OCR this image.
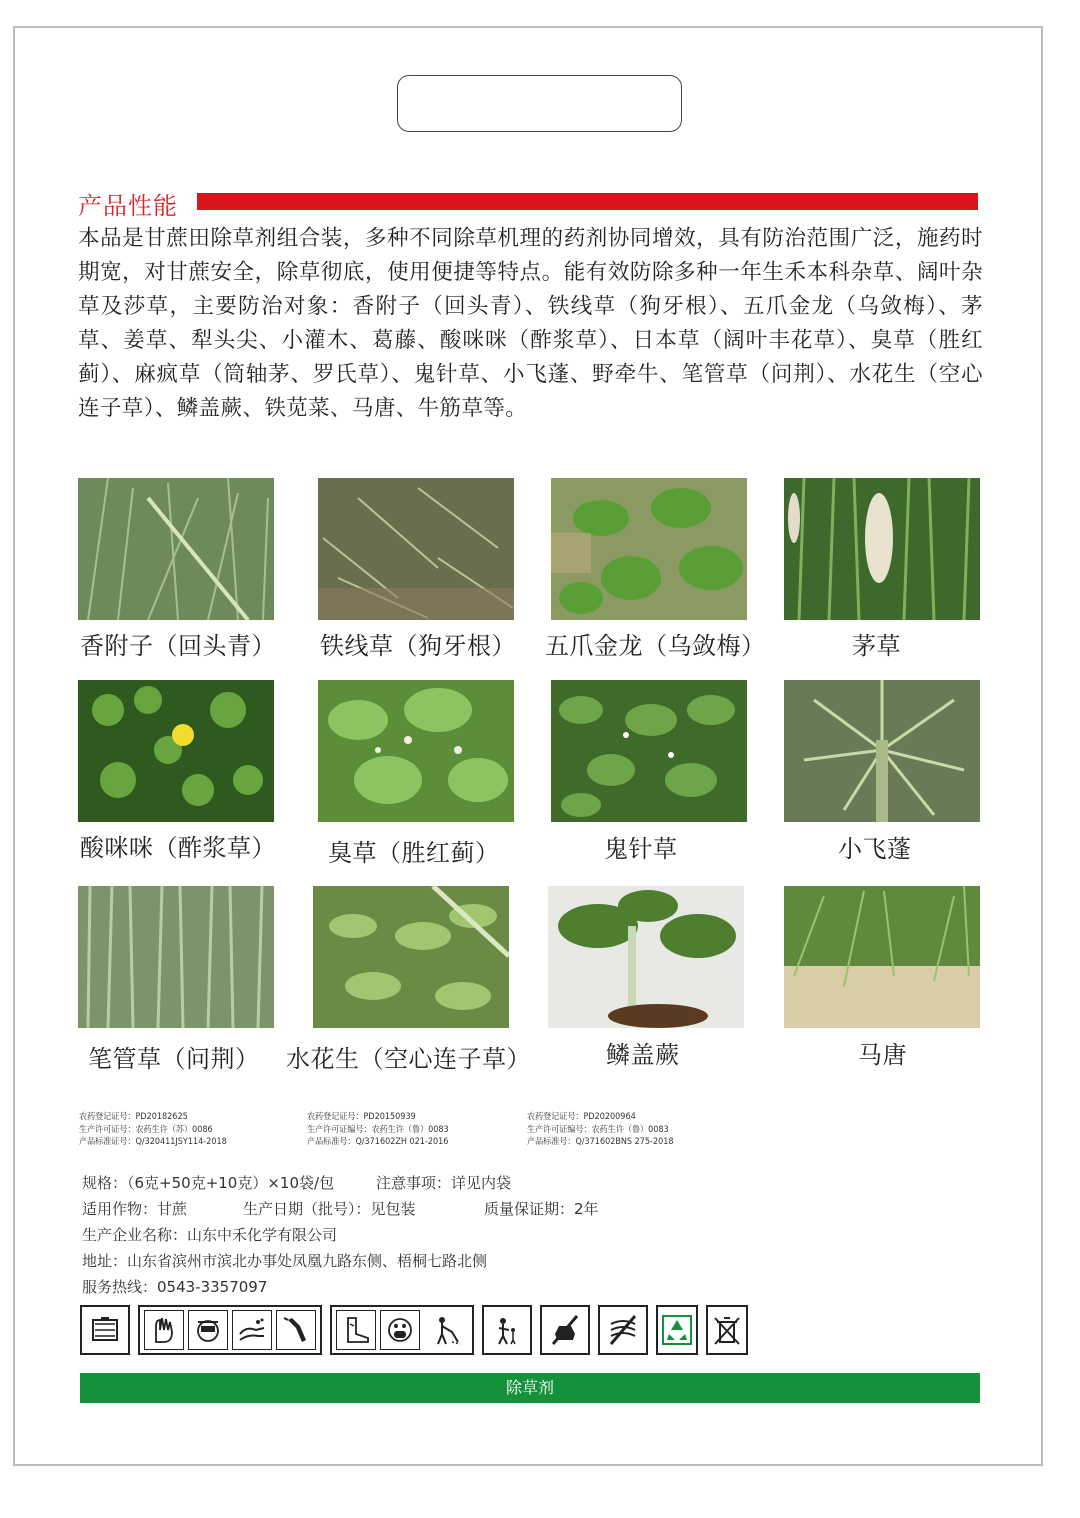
产品性能
本品是甘蔗田除草剂组合装，多种不同除草机理的药剂协同增效，具有防治范围广泛，施药时期宽，对甘蔗安全，除草彻底，使用便捷等特点。能有效防除多种一年生禾本科杂草、阔叶杂草及莎草，主要防治对象：香附子（回头青）、铁线草（狗牙根）、五爪金龙（乌敛梅）、茅草、姜草、犁头尖、小灌木、葛藤、酸咪咪（酢浆草）、日本草（阔叶丰花草）、臭草（胜红蓟）、麻疯草（筒轴茅、罗氏草）、鬼针草、小飞蓬、野牵牛、笔管草（问荆）、水花生（空心连子草）、鳞盖蕨、铁苋菜、马唐、牛筋草等。
香附子（回头青） 铁线草（狗牙根） 五爪金龙（乌敛梅）	茅草
酸咪咪（酢浆草） 臭草（胜红蓟）	鬼针草	小飞蓬
笔管草（问荆） 水花生（空心连子草）	鳞盖蕨	马唐
农药登记证号：PD20182625
生产许可证号：农药生许（苏）0086
产品标准证号：Q/320411JSY114-2018
农药登记证号：PD20150939
生产许可证编号：农药生许（鲁）0083
产品标准号：Q/371602ZH 021-2016
农药登记证号：PD20200964
生产许可证编号：农药生许（鲁）0083
产品标准号：Q/371602BNS 275-2018
规格：（6克+50克+10克）×10袋/包	注意事项：详见内袋
适用作物：甘蔗	生产日期（批号）：见包装	质量保证期：2年
生产企业名称：山东中禾化学有限公司
地址：山东省滨州市滨北办事处凤凰九路东侧、梧桐七路北侧
服务热线：0543-3357097
除草剂
